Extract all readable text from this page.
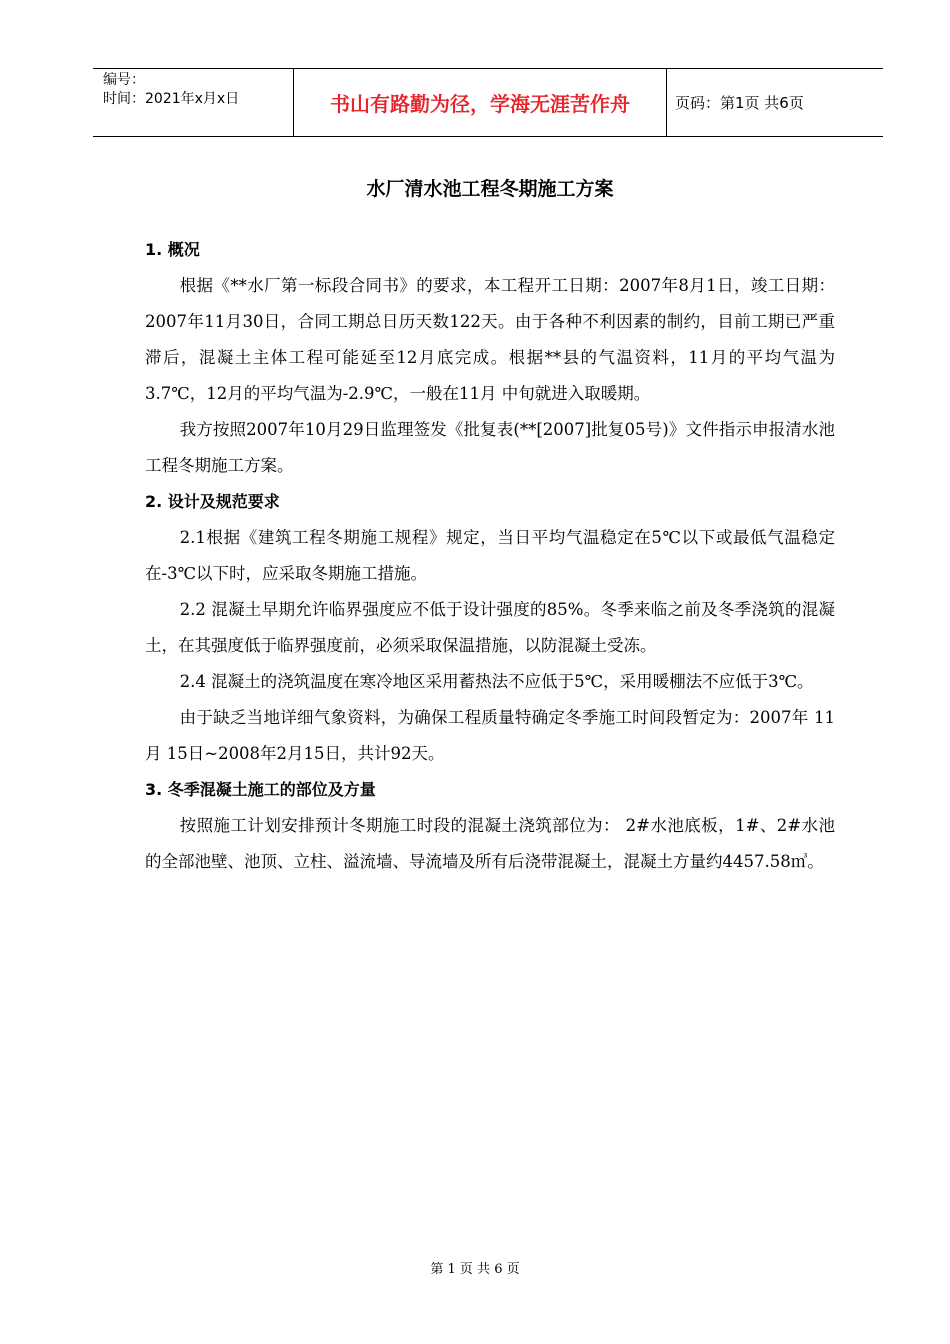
编号：
时间：2021年x月x日	书山有路勤为径，学海无涯苦作舟	页码：第1页 共6页
水厂清水池工程冬期施工方案
1. 概况

根据《**水厂第一标段合同书》的要求，本工程开工日期：2007年8月1日，竣工日期：2007年11月30日，合同工期总日历天数122天。由于各种不利因素的制约，目前工期已严重滞后，混凝土主体工程可能延至12月底完成。根据**县的气温资料，11月的平均气温为3.7℃，12月的平均气温为-2.9℃，一般在11月 中旬就进入取暖期。

我方按照2007年10月29日监理签发《批复表(**[2007]批复05号)》文件指示申报清水池工程冬期施工方案。

2. 设计及规范要求

2.1根据《建筑工程冬期施工规程》规定，当日平均气温稳定在5℃以下或最低气温稳定在-3℃以下时，应采取冬期施工措施。

2.2 混凝土早期允许临界强度应不低于设计强度的85%。冬季来临之前及冬季浇筑的混凝土，在其强度低于临界强度前，必须采取保温措施，以防混凝土受冻。

2.4 混凝土的浇筑温度在寒冷地区采用蓄热法不应低于5℃，采用暖棚法不应低于3℃。

由于缺乏当地详细气象资料，为确保工程质量特确定冬季施工时间段暂定为：2007年 11月 15日~2008年2月15日，共计92天。

3. 冬季混凝土施工的部位及方量

按照施工计划安排预计冬期施工时段的混凝土浇筑部位为： 2#水池底板，1#、2#水池的全部池壁、池顶、立柱、溢流墙、导流墙及所有后浇带混凝土，混凝土方量约4457.58㎥。

第 1 页 共 6 页
